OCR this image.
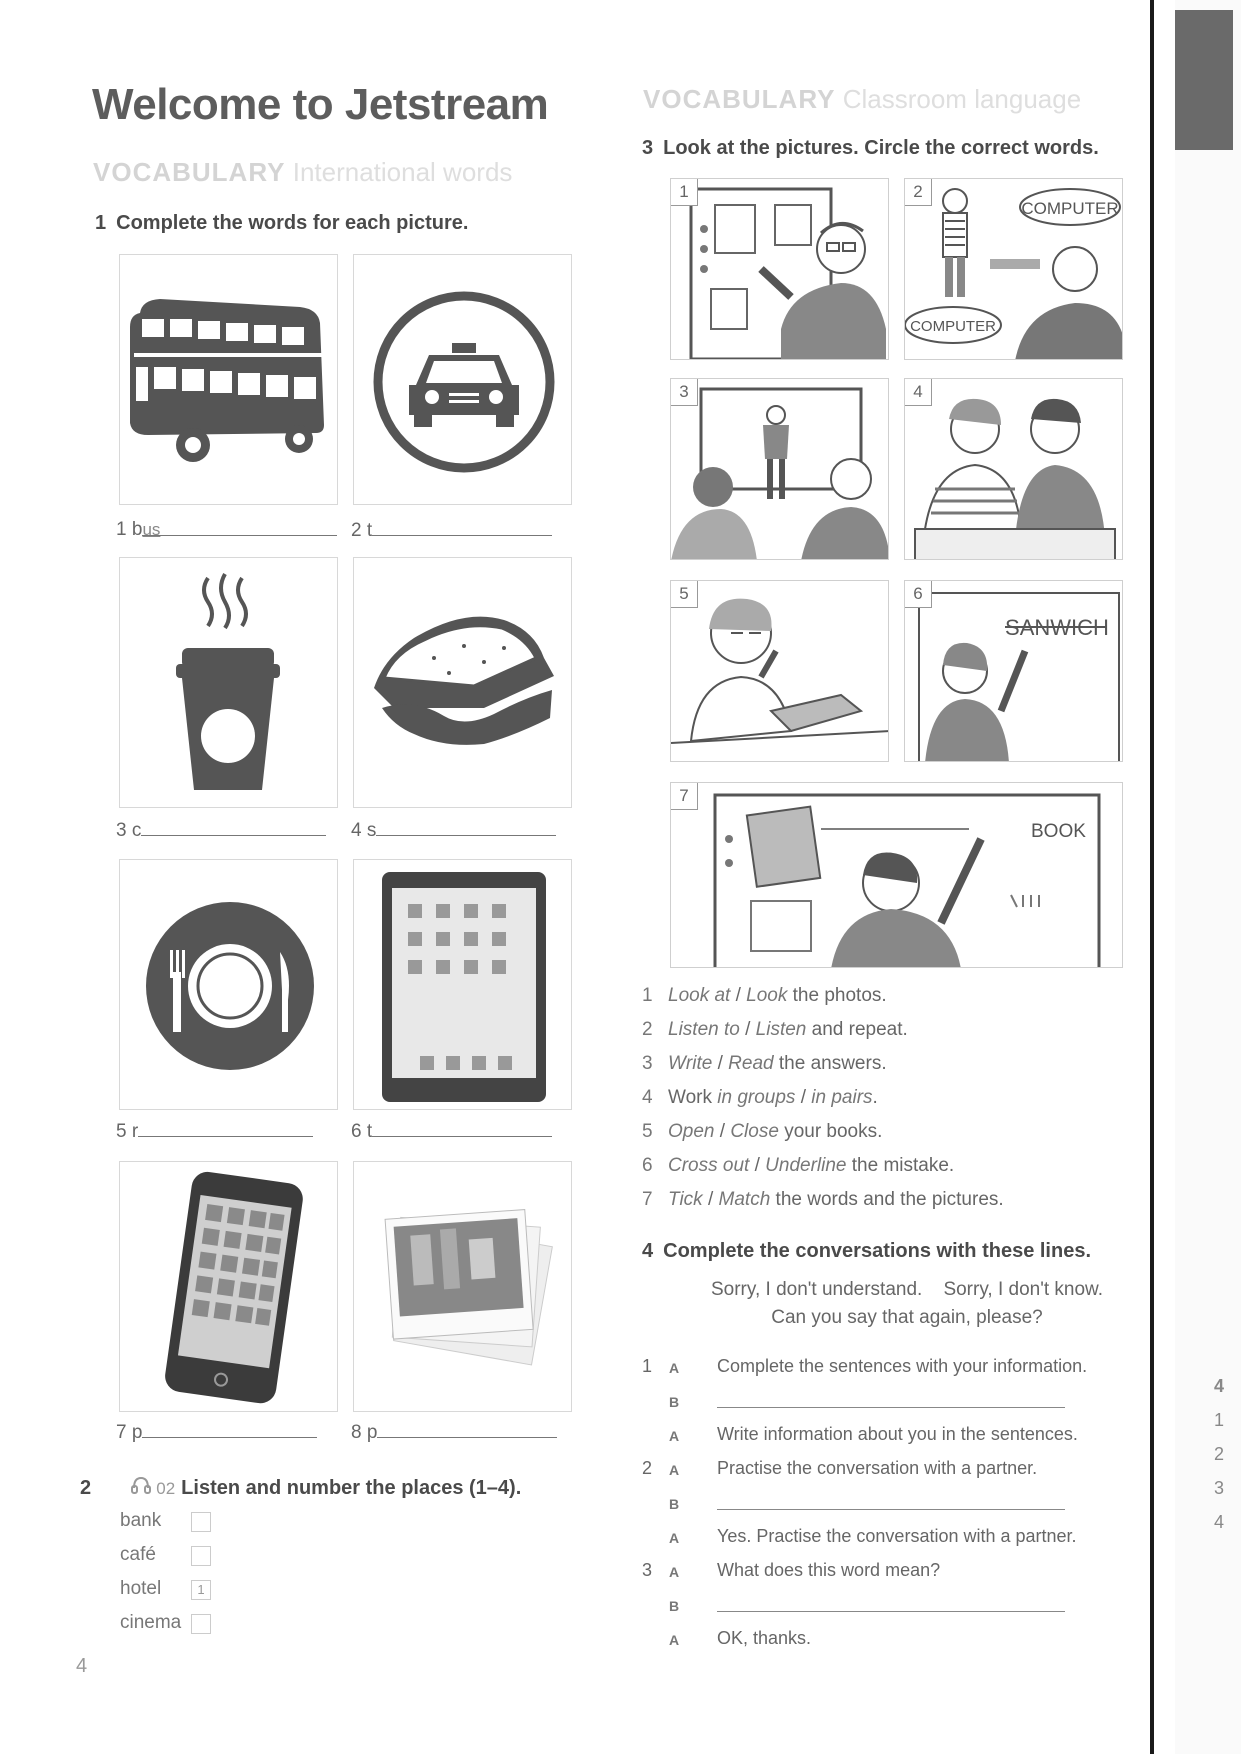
Welcome to Jetstream
VOCABULARY International words
1 Complete the words for each picture.
1 bus	2 t
3 c	4 s
5 r	6 t
7 p	8 p
2	02 Listen and number the places (1–4).
bank
café
hotel	1
cinema
4
VOCABULARY Classroom language
3 Look at the pictures. Circle the correct words.
1	2
COMPUTER
COMPUTER
3	4
5	6
SANWICH
7
BOOK
1 Look at / Look the photos.
2 Listen to / Listen and repeat.
3 Write / Read the answers.
4 Work in groups / in pairs.
5 Open / Close your books.
6 Cross out / Underline the mistake.
7 Tick / Match the words and the pictures.
4 Complete the conversations with these lines.
Sorry, I don't understand. Sorry, I don't know.
Can you say that again, please?
1 A Complete the sentences with your information.
B
A Write information about you in the sentences.
2 A Practise the conversation with a partner.
B
A Yes. Practise the conversation with a partner.
3 A What does this word mean?
B
A OK, thanks.
4
1
2
3
4
